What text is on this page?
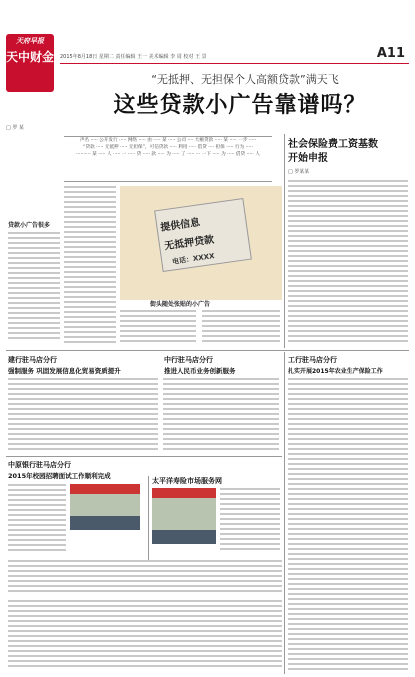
天府早报
天中财金 2015年8月18日 星期二 责任编辑 王一 美术编辑 李 周 校对 王 景	A11
□ 罗 某
“无抵押、无担保个人高额贷款”满天飞
这些贷款小广告靠谱吗？
声名 ····· 公开发行 ····· 网络 ····· 由 ····· 某 ····· 公司 ···· 大额贷款 ····· 某 ····· 一步 ·····
“贷款 ····· 无抵押 ····· 无担保”，可信贷款 ····· 利用 ····· 借贷 ···· 担保 ····· 行为 ·····
·········· 某 ····· 人 ····· 一 ····· 贷 ····· 款 ····· 为 ····· 了 ····· ··· 一下 ····· 为 ····· 借贷 ····· 人
贷款小广告很多	提供信息
无抵押贷款
电话：XXXX
街头随处张贴的小广告
社会保险费工资基数
开始申报
□ 罗某某
建行驻马店分行
强制服务 巩固发展信息化贸易资质提升
中行驻马店分行
推进人民币业务创新服务
工行驻马店分行
扎实开展2015年农业生产保险工作
中原银行驻马店分行
2015年校园招聘面试工作顺利完成
太平洋寿险市场服务网
